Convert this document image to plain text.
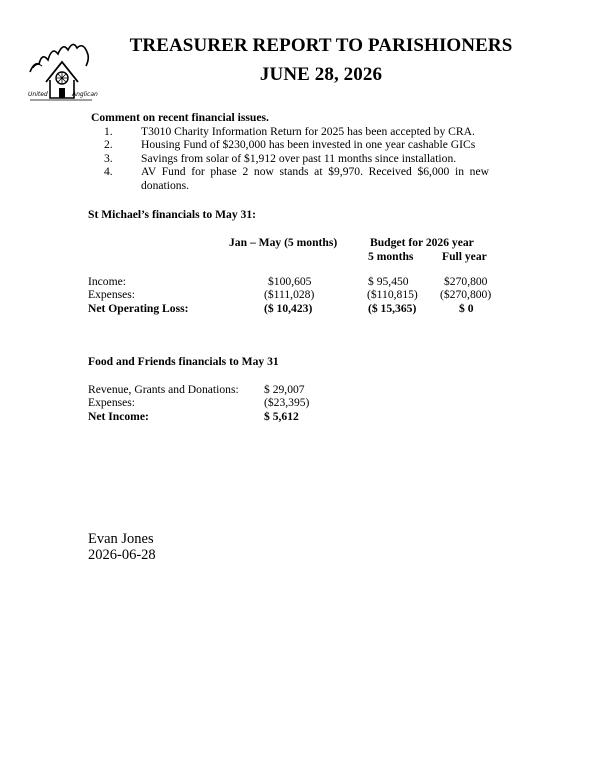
United	Anglican
TREASURER REPORT TO PARISHIONERS
JUNE 28, 2026
Comment on recent financial issues.
1.	T3010 Charity Information Return for 2025 has been accepted by CRA.
2.	Housing Fund of $230,000 has been invested in one year cashable GICs
3.	Savings from solar of $1,912 over past 11 months since installation.
4.	AV Fund for phase 2 now stands at $9,970. Received $6,000 in new donations.
St Michael’s financials to May 31:
Jan – May (5 months)	Budget for 2026 year
5 months Full year
Income:	$100,605	$ 95,450	$270,800
Expenses:	($111,028)	($110,815) ($270,800)
Net Operating Loss:	($ 10,423)	($ 15,365)	$ 0
Food and Friends financials to May 31
Revenue, Grants and Donations: $ 29,007
Expenses:	($23,395)
Net Income:	$ 5,612
Evan Jones
2026-06-28
